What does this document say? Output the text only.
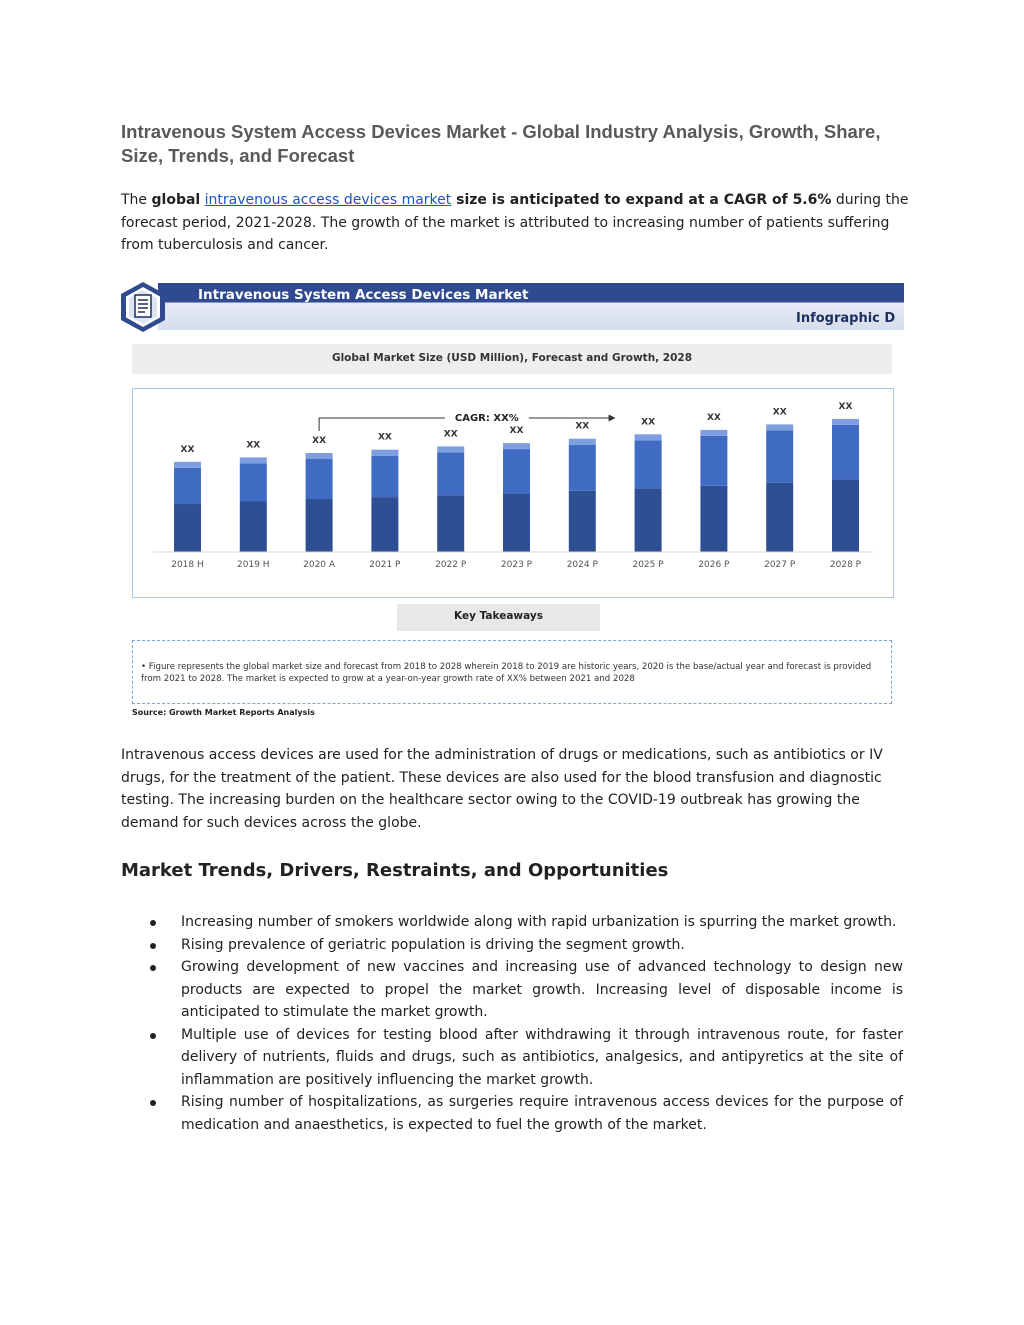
Intravenous System Access Devices Market - Global Industry Analysis, Growth, Share, Size, Trends, and Forecast

The global intravenous access devices market size is anticipated to expand at a CAGR of 5.6% during the forecast period, 2021-2028. The growth of the market is attributed to increasing number of patients suffering from tuberculosis and cancer.

Intravenous System Access Devices Market
Infographic D
Global Market Size (USD Million), Forecast and Growth, 2028
XX
2018 H
XX
2019 H
XX
2020 A
XX
2021 P
XX
2022 P
XX
2023 P
XX
2024 P
XX
2025 P
XX
2026 P
XX
2027 P
XX
2028 P
CAGR: XX%
Key Takeaways
• Figure represents the global market size and forecast from 2018 to 2028 wherein 2018 to 2019 are historic years, 2020 is the base/actual year and forecast is provided from 2021 to 2028. The market is expected to grow at a year-on-year growth rate of XX% between 2021 and 2028
Source: Growth Market Reports Analysis

Intravenous access devices are used for the administration of drugs or medications, such as antibiotics or IV drugs, for the treatment of the patient. These devices are also used for the blood transfusion and diagnostic testing. The increasing burden on the healthcare sector owing to the COVID-19 outbreak has growing the demand for such devices across the globe.

Market Trends, Drivers, Restraints, and Opportunities
Increasing number of smokers worldwide along with rapid urbanization is spurring the market growth.
Rising prevalence of geriatric population is driving the segment growth.
Growing development of new vaccines and increasing use of advanced technology to design new products are expected to propel the market growth. Increasing level of disposable income is anticipated to stimulate the market growth.
Multiple use of devices for testing blood after withdrawing it through intravenous route, for faster delivery of nutrients, fluids and drugs, such as antibiotics, analgesics, and antipyretics at the site of inflammation are positively influencing the market growth.
Rising number of hospitalizations, as surgeries require intravenous access devices for the purpose of medication and anaesthetics, is expected to fuel the growth of the market.
